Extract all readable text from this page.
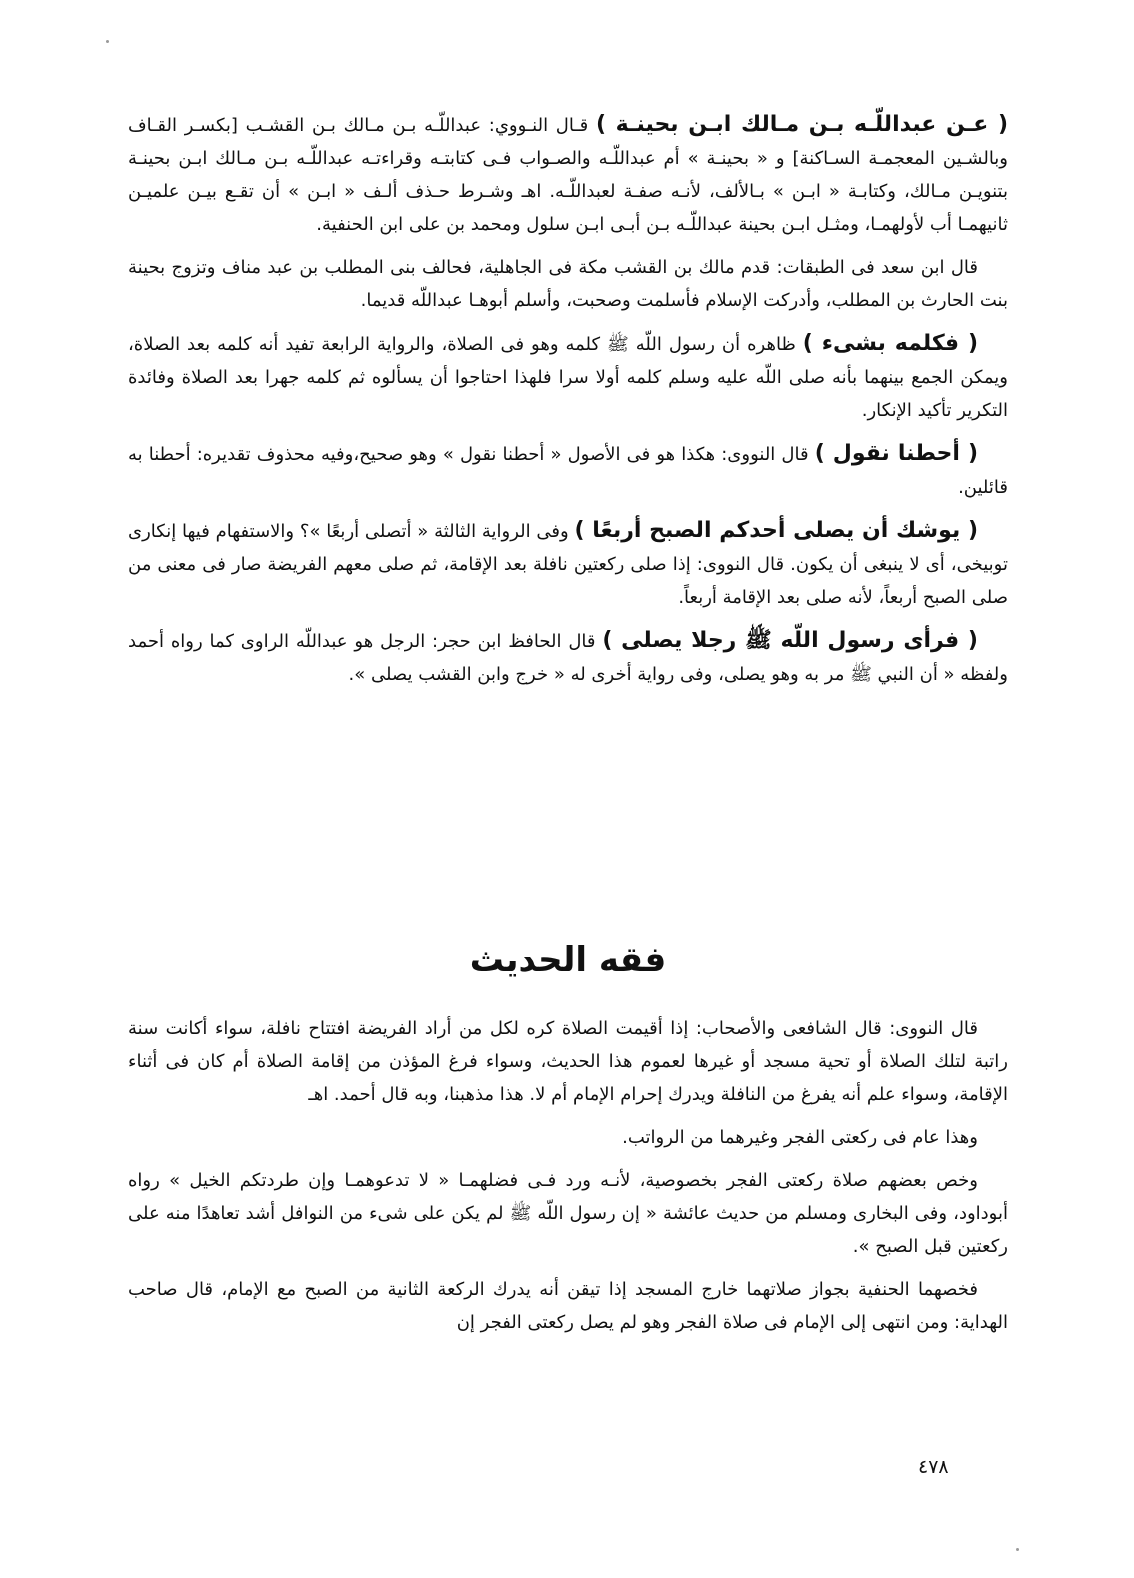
( عـن عبداللّـه بـن مـالك ابـن بحينـة ) قـال النـووي: عبداللّـه بـن مـالك بـن القشـب [بكسـر القـاف وبالشـين المعجمـة السـاكنة] و « بحينـة » أم عبداللّـه والصـواب فـى كتابتـه وقراءتـه عبداللّـه بـن مـالك ابـن بحينـة بتنويـن مـالك، وكتابـة « ابـن » بـالألف، لأنـه صفـة لعبداللّـه. اهـ وشـرط حـذف ألـف « ابـن » أن تقـع بيـن علميـن ثانيهمـا أب لأولهمـا، ومثـل ابـن بحينة عبداللّـه بـن أبـى ابـن سلول ومحمد بن على ابن الحنفية.

قال ابن سعد فى الطبقات: قدم مالك بن القشب مكة فى الجاهلية، فحالف بنى المطلب بن عبد مناف وتزوج بحينة بنت الحارث بن المطلب، وأدركت الإسلام فأسلمت وصحبت، وأسلم أبوهـا عبداللّه قديما.

( فكلمه بشىء ) ظاهره أن رسول اللّه ﷺ كلمه وهو فى الصلاة، والرواية الرابعة تفيد أنه كلمه بعد الصلاة، ويمكن الجمع بينهما بأنه صلى اللّه عليه وسلم كلمه أولا سرا فلهذا احتاجوا أن يسألوه ثم كلمه جهرا بعد الصلاة وفائدة التكرير تأكيد الإنكار.

( أحطنا نقول ) قال النووى: هكذا هو فى الأصول « أحطنا نقول » وهو صحيح،وفيه محذوف تقديره: أحطنا به قائلين.

( يوشك أن يصلى أحدكم الصبح أربعًا ) وفى الرواية الثالثة « أتصلى أربعًا »؟ والاستفهام فيها إنكارى توبيخى، أى لا ينبغى أن يكون. قال النووى: إذا صلى ركعتين نافلة بعد الإقامة، ثم صلى معهم الفريضة صار فى معنى من صلى الصبح أربعاً، لأنه صلى بعد الإقامة أربعاً.

( فرأى رسول اللّه ﷺ رجلا يصلى ) قال الحافظ ابن حجر: الرجل هو عبداللّه الراوى كما رواه أحمد ولفظه « أن النبي ﷺ مر به وهو يصلى، وفى رواية أخرى له « خرج وابن القشب يصلى ».

فقه الحديث

قال النووى: قال الشافعى والأصحاب: إذا أقيمت الصلاة كره لكل من أراد الفريضة افتتاح نافلة، سواء أكانت سنة راتبة لتلك الصلاة أو تحية مسجد أو غيرها لعموم هذا الحديث، وسواء فرغ المؤذن من إقامة الصلاة أم كان فى أثناء الإقامة، وسواء علم أنه يفرغ من النافلة ويدرك إحرام الإمام أم لا. هذا مذهبنا، وبه قال أحمد. اهـ

وهذا عام فى ركعتى الفجر وغيرهما من الرواتب.

وخص بعضهم صلاة ركعتى الفجر بخصوصية، لأنـه ورد فـى فضلهمـا « لا تدعوهمـا وإن طردتكم الخيل » رواه أبوداود، وفى البخارى ومسلم من حديث عائشة « إن رسول اللّه ﷺ لم يكن على شىء من النوافل أشد تعاهدًا منه على ركعتين قبل الصبح ».

فخصهما الحنفية بجواز صلاتهما خارج المسجد إذا تيقن أنه يدرك الركعة الثانية من الصبح مع الإمام، قال صاحب الهداية: ومن انتهى إلى الإمام فى صلاة الفجر وهو لم يصل ركعتى الفجر إن

٤٧٨
